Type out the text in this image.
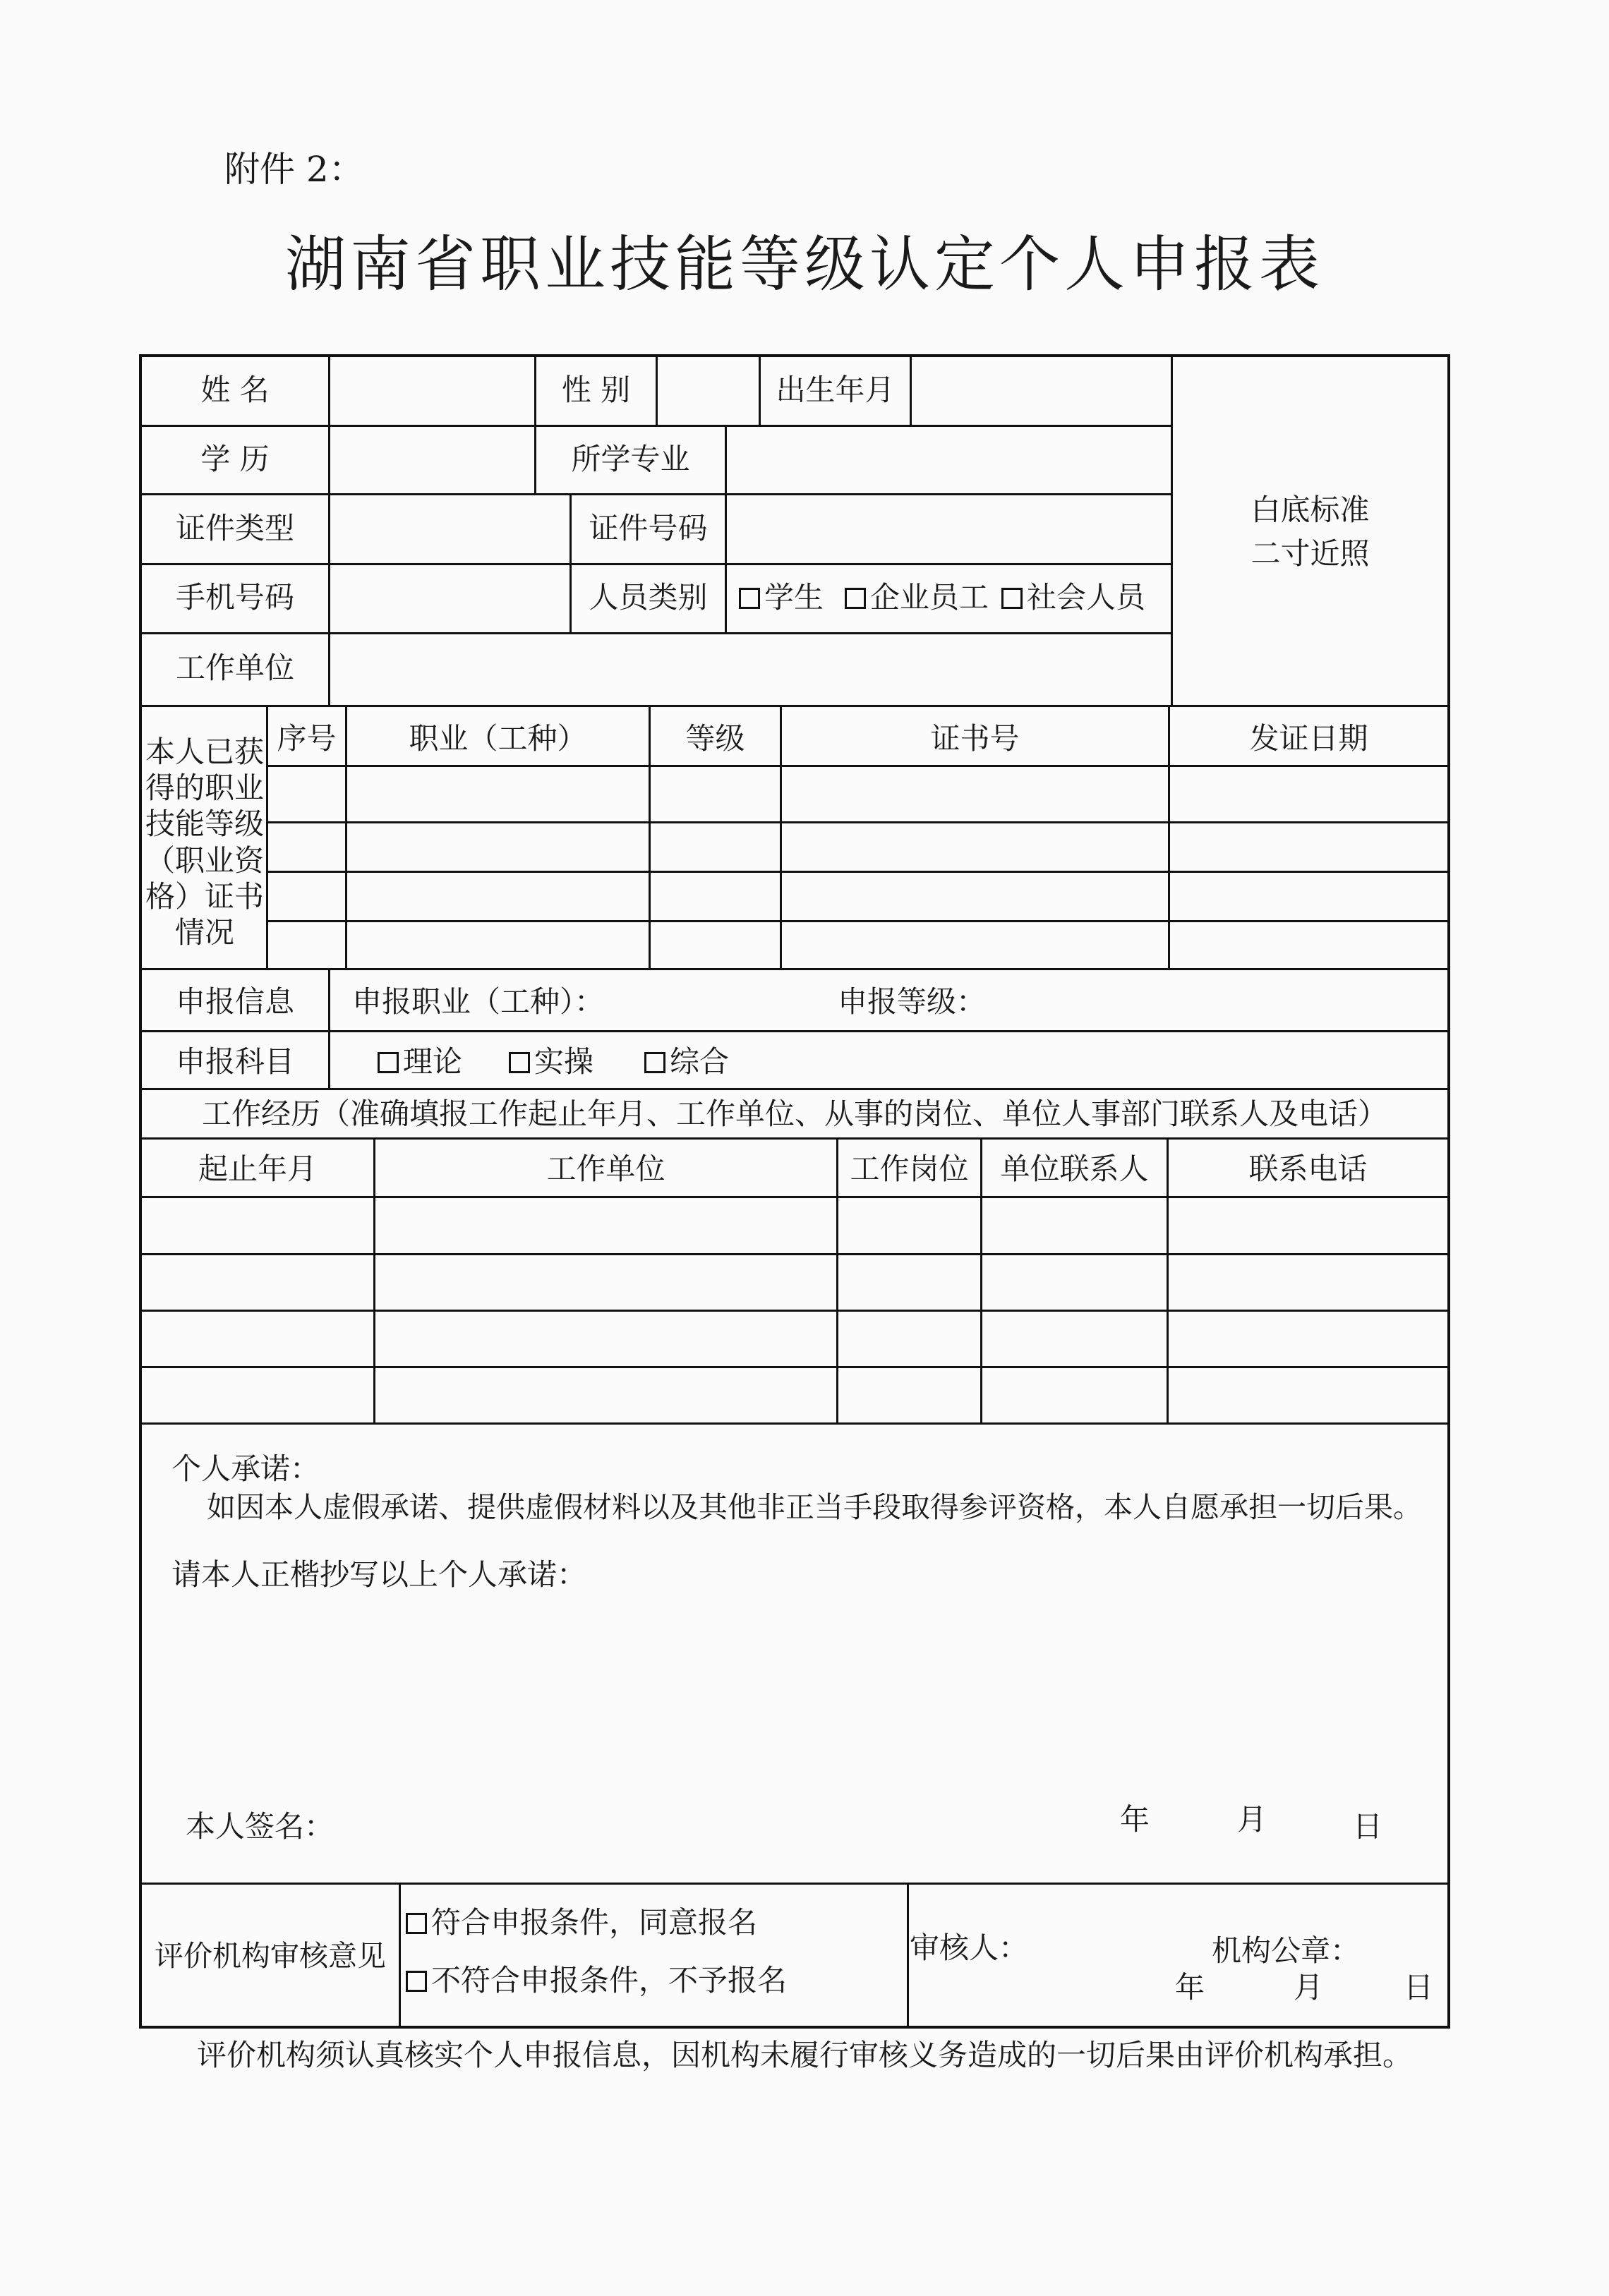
附件 2：
湖南省职业技能等级认定个人申报表
姓 名	性 别	出生年月
学 历	所学专业
证件类型	证件号码
手机号码	人员类别	学生	企业员工	社会人员
工作单位
白底标准
二寸近照
本人已获得的职业技能等级（职业资格）证书情况
序号	职业（工种）	等级	证书号	发证日期
申报信息	申报职业（工种）：	申报等级：
申报科目	理论	实操	综合
工作经历（准确填报工作起止年月、工作单位、从事的岗位、单位人事部门联系人及电话）
起止年月	工作单位	工作岗位	单位联系人	联系电话
个人承诺：
如因本人虚假承诺、提供虚假材料以及其他非正当手段取得参评资格，本人自愿承担一切后果。
请本人正楷抄写以上个人承诺：
本人签名：	年	月	日
评价机构审核意见
符合申报条件，同意报名
不符合申报条件，不予报名
审核人：	机构公章：
年	月	日
评价机构须认真核实个人申报信息，因机构未履行审核义务造成的一切后果由评价机构承担。
